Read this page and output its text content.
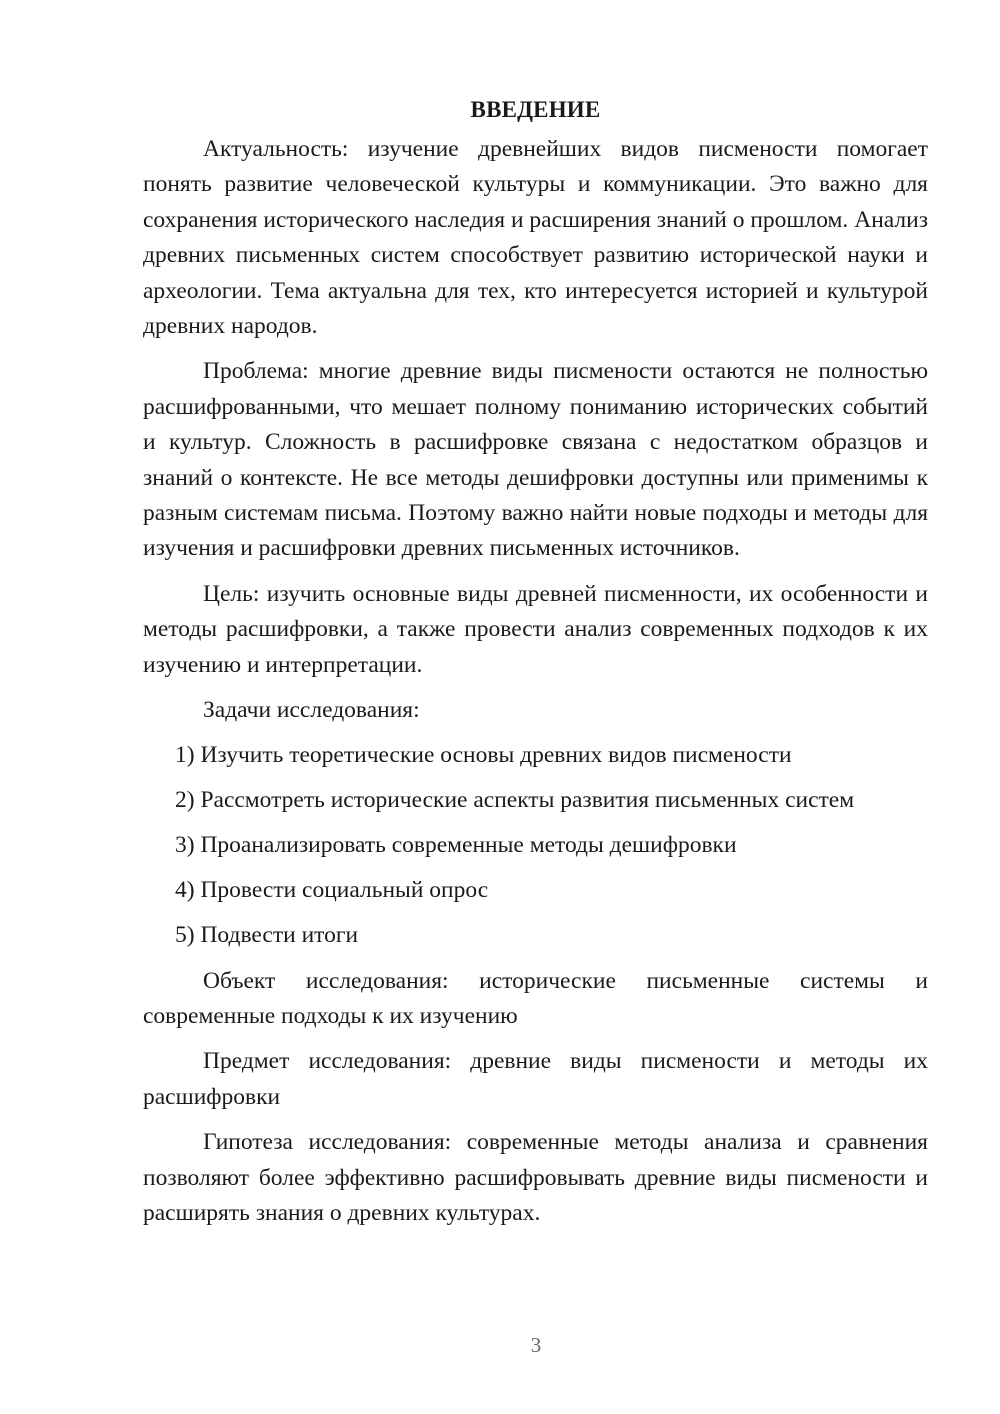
ВВЕДЕНИЕ

Актуальность: изучение древнейших видов писмености помогает понять развитие человеческой культуры и коммуникации. Это важно для сохранения исторического наследия и расширения знаний о прошлом. Анализ древних письменных систем способствует развитию исторической науки и археологии. Тема актуальна для тех, кто интересуется историей и культурой древних народов.

Проблема: многие древние виды писмености остаются не полностью расшифрованными, что мешает полному пониманию исторических событий и культур. Сложность в расшифровке связана с недостатком образцов и знаний о контексте. Не все методы дешифровки доступны или применимы к разным системам письма. Поэтому важно найти новые подходы и методы для изучения и расшифровки древних письменных источников.

Цель: изучить основные виды древней писменности, их особенности и методы расшифровки, а также провести анализ современных подходов к их изучению и интерпретации.

Задачи исследования:
1) Изучить теоретические основы древних видов писмености
2) Рассмотреть исторические аспекты развития письменных систем
3) Проанализировать современные методы дешифровки
4) Провести социальный опрос
5) Подвести итоги

Объект исследования: исторические письменные системы и современные подходы к их изучению

Предмет исследования: древние виды писмености и методы их расшифровки

Гипотеза исследования: современные методы анализа и сравнения позволяют более эффективно расшифровывать древние виды писмености и расширять знания о древних культурах.

3
